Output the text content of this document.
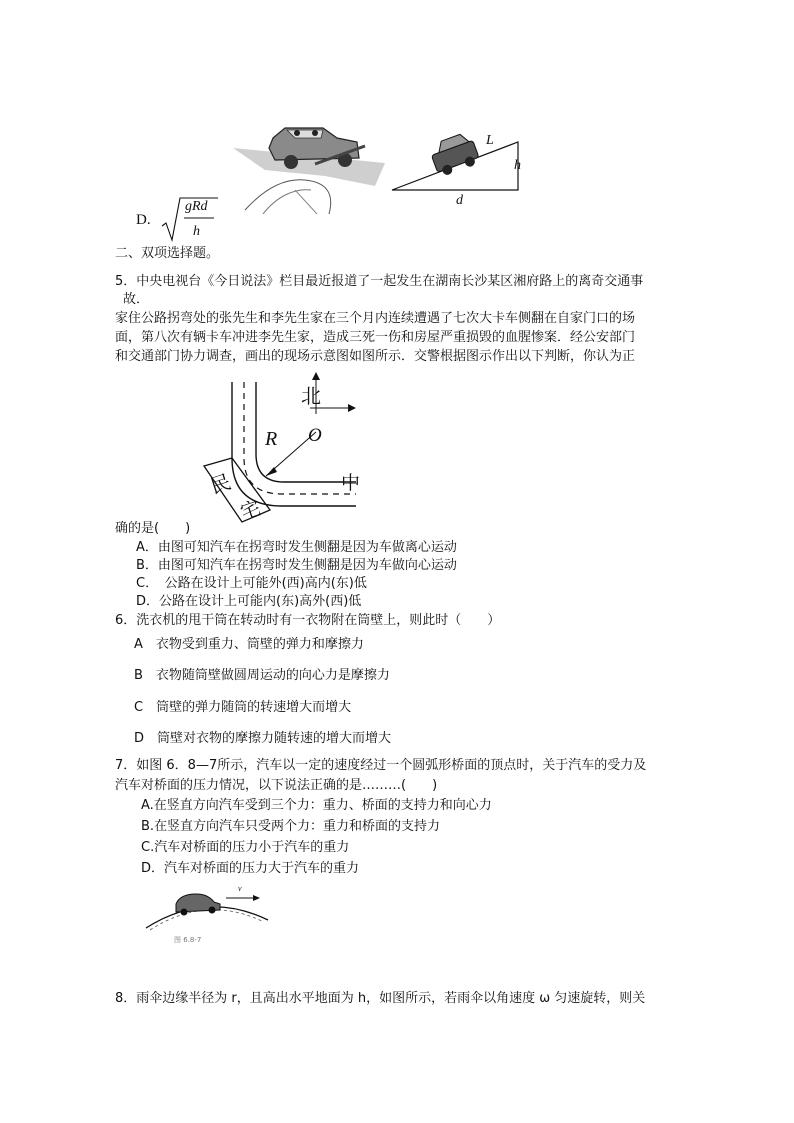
L
h
d
D.
gRd
h
二、双项选择题。
5．中央电视台《今日说法》栏目最近报道了一起发生在湖南长沙某区湘府路上的离奇交通事
故．
家住公路拐弯处的张先生和李先生家在三个月内连续遭遇了七次大卡车侧翻在自家门口的场
面，第八次有辆卡车冲进李先生家，造成三死一伤和房屋严重损毁的血腥惨案．经公安部门
和交通部门协力调查，画出的现场示意图如图所示．交警根据图示作出以下判断，你认为正
北
R O
中
民
宅
确的是(　　)
A．由图可知汽车在拐弯时发生侧翻是因为车做离心运动
B．由图可知汽车在拐弯时发生侧翻是因为车做向心运动
C．　公路在设计上可能外(西)高内(东)低
D．公路在设计上可能内(东)高外(西)低
6．洗衣机的甩干筒在转动时有一衣物附在筒壁上，则此时（　　）
A　衣物受到重力、筒壁的弹力和摩擦力
B　衣物随筒壁做圆周运动的向心力是摩擦力
C　筒壁的弹力随筒的转速增大而增大
D　筒壁对衣物的摩擦力随转速的增大而增大
7．如图 6．8—7所示，汽车以一定的速度经过一个圆弧形桥面的顶点时，关于汽车的受力及
汽车对桥面的压力情况，以下说法正确的是………(　　)
A.在竖直方向汽车受到三个力：重力、桥面的支持力和向心力
B.在竖直方向汽车只受两个力：重力和桥面的支持力
C.汽车对桥面的压力小于汽车的重力
D．汽车对桥面的压力大于汽车的重力
v
图 6.8-7
8．雨伞边缘半径为 r，且高出水平地面为 h，如图所示，若雨伞以角速度 ω 匀速旋转，则关
